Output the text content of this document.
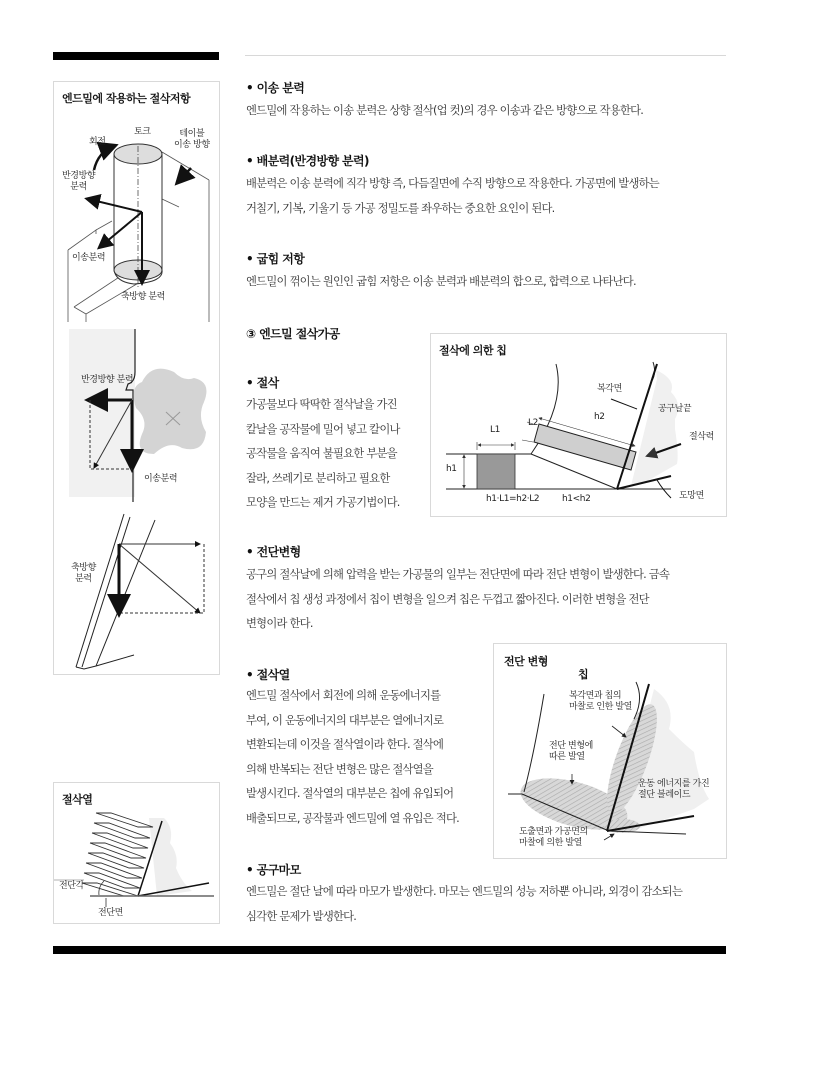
엔드밀에 작용하는 절삭저항
토크
회전
테이블
이송 방향
반경방향
분력
이송분력
축방향 분력
반경방향 분력
이송분력
축방향
분력
절삭열
전단각
전단면
• 이송 분력
엔드밀에 작용하는 이송 분력은 상향 절삭(업 컷)의 경우 이송과 같은 방향으로 작용한다.
• 배분력(반경방향 분력)
배분력은 이송 분력에 직각 방향 즉, 다듬질면에 수직 방향으로 작용한다. 가공면에 발생하는
거칠기, 기복, 기울기 등 가공 정밀도를 좌우하는 중요한 요인이 된다.
• 굽힘 저항
엔드밀이 꺾이는 원인인 굽힘 저항은 이송 분력과 배분력의 합으로, 합력으로 나타난다.
③ 엔드밀 절삭가공
• 절삭
가공물보다 딱딱한 절삭날을 가진
칼날을 공작물에 밀어 넣고 칼이나
공작물을 움직여 불필요한 부분을
잘라, 쓰레기로 분리하고 필요한
모양을 만드는 제거 가공기법이다.
절삭에 의한 칩
L1
L2
h1
h2
복각면
공구날끝
절삭력
도망면
h1·L1=h2·L2	h1<h2
• 전단변형
공구의 절삭날에 의해 압력을 받는 가공물의 일부는 전단면에 따라 전단 변형이 발생한다. 금속
절삭에서 칩 생성 과정에서 칩이 변형을 일으켜 칩은 두껍고 짧아진다. 이러한 변형을 전단
변형이라 한다.
• 절삭열
엔드밀 절삭에서 회전에 의해 운동에너지를
부여, 이 운동에너지의 대부분은 열에너지로
변환되는데 이것을 절삭열이라 한다. 절삭에
의해 반복되는 전단 변형은 많은 절삭열을
발생시킨다. 절삭열의 대부분은 칩에 유입되어
배출되므로, 공작물과 엔드밀에 열 유입은 적다.
전단 변형
칩
복각면과 칩의
마찰로 인한 발열
전단 변형에
따른 발열
운동 에너지를 가진
절단 블레이드
도출면과 가공면의
마찰에 의한 발열
• 공구마모
엔드밀은 절단 날에 따라 마모가 발생한다. 마모는 엔드밀의 성능 저하뿐 아니라, 외경이 감소되는
심각한 문제가 발생한다.
